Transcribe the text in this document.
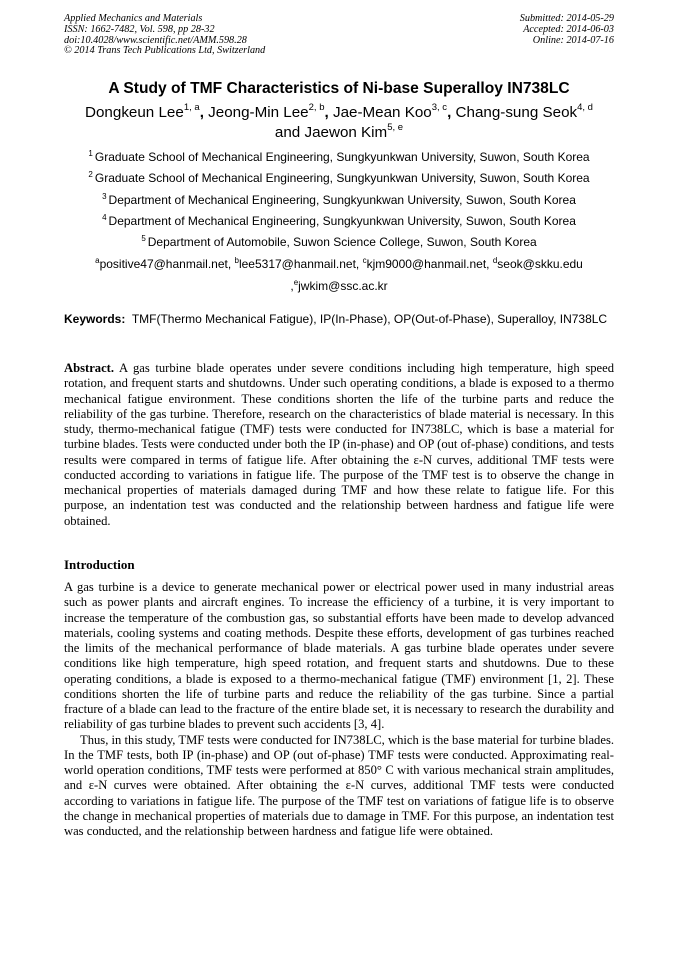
Applied Mechanics and Materials
ISSN: 1662-7482, Vol. 598, pp 28-32
doi:10.4028/www.scientific.net/AMM.598.28
© 2014 Trans Tech Publications Ltd, Switzerland
Submitted: 2014-05-29
Accepted: 2014-06-03
Online: 2014-07-16
A Study of TMF Characteristics of Ni-base Superalloy IN738LC
Dongkeun Lee$^{1, a}$, Jeong-Min Lee$^{2, b}$, Jae-Mean Koo$^{3, c}$, Chang-sung Seok$^{4, d}$
and Jaewon Kim$^{5, e}$
$^1$ Graduate School of Mechanical Engineering, Sungkyunkwan University, Suwon, South Korea
$^2$ Graduate School of Mechanical Engineering, Sungkyunkwan University, Suwon, South Korea
$^3$ Department of Mechanical Engineering, Sungkyunkwan University, Suwon, South Korea
$^4$ Department of Mechanical Engineering, Sungkyunkwan University, Suwon, South Korea
$^5$ Department of Automobile, Suwon Science College, Suwon, South Korea
$^a$positive47@hanmail.net, $^b$lee5317@hanmail.net, $^c$kjm9000@hanmail.net, $^d$seok@skku.edu
,$^e$jwkim@ssc.ac.kr
Keywords: TMF(Thermo Mechanical Fatigue), IP(In-Phase), OP(Out-of-Phase), Superalloy, IN738LC
Abstract. A gas turbine blade operates under severe conditions including high temperature, high speed rotation, and frequent starts and shutdowns. Under such operating conditions, a blade is exposed to a thermo mechanical fatigue environment. These conditions shorten the life of the turbine parts and reduce the reliability of the gas turbine. Therefore, research on the characteristics of blade material is necessary. In this study, thermo-mechanical fatigue (TMF) tests were conducted for IN738LC, which is base a material for turbine blades. Tests were conducted under both the IP (in-phase) and OP (out of-phase) conditions, and tests results were compared in terms of fatigue life. After obtaining the ε-N curves, additional TMF tests were conducted according to variations in fatigue life. The purpose of the TMF test is to observe the change in mechanical properties of materials damaged during TMF and how these relate to fatigue life. For this purpose, an indentation test was conducted and the relationship between hardness and fatigue life were obtained.
Introduction
A gas turbine is a device to generate mechanical power or electrical power used in many industrial areas such as power plants and aircraft engines. To increase the efficiency of a turbine, it is very important to increase the temperature of the combustion gas, so substantial efforts have been made to develop advanced materials, cooling systems and coating methods. Despite these efforts, development of gas turbines reached the limits of the mechanical performance of blade materials. A gas turbine blade operates under severe conditions like high temperature, high speed rotation, and frequent starts and shutdowns. Due to these operating conditions, a blade is exposed to a thermo-mechanical fatigue (TMF) environment [1, 2]. These conditions shorten the life of turbine parts and reduce the reliability of the gas turbine. Since a partial fracture of a blade can lead to the fracture of the entire blade set, it is necessary to research the durability and reliability of gas turbine blades to prevent such accidents [3, 4].
Thus, in this study, TMF tests were conducted for IN738LC, which is the base material for turbine blades. In the TMF tests, both IP (in-phase) and OP (out of-phase) TMF tests were conducted. Approximating real-world operation conditions, TMF tests were performed at 850° C with various mechanical strain amplitudes, and ε-N curves were obtained. After obtaining the ε-N curves, additional TMF tests were conducted according to variations in fatigue life. The purpose of the TMF test on variations of fatigue life is to observe the change in mechanical properties of materials due to damage in TMF. For this purpose, an indentation test was conducted, and the relationship between hardness and fatigue life were obtained.
